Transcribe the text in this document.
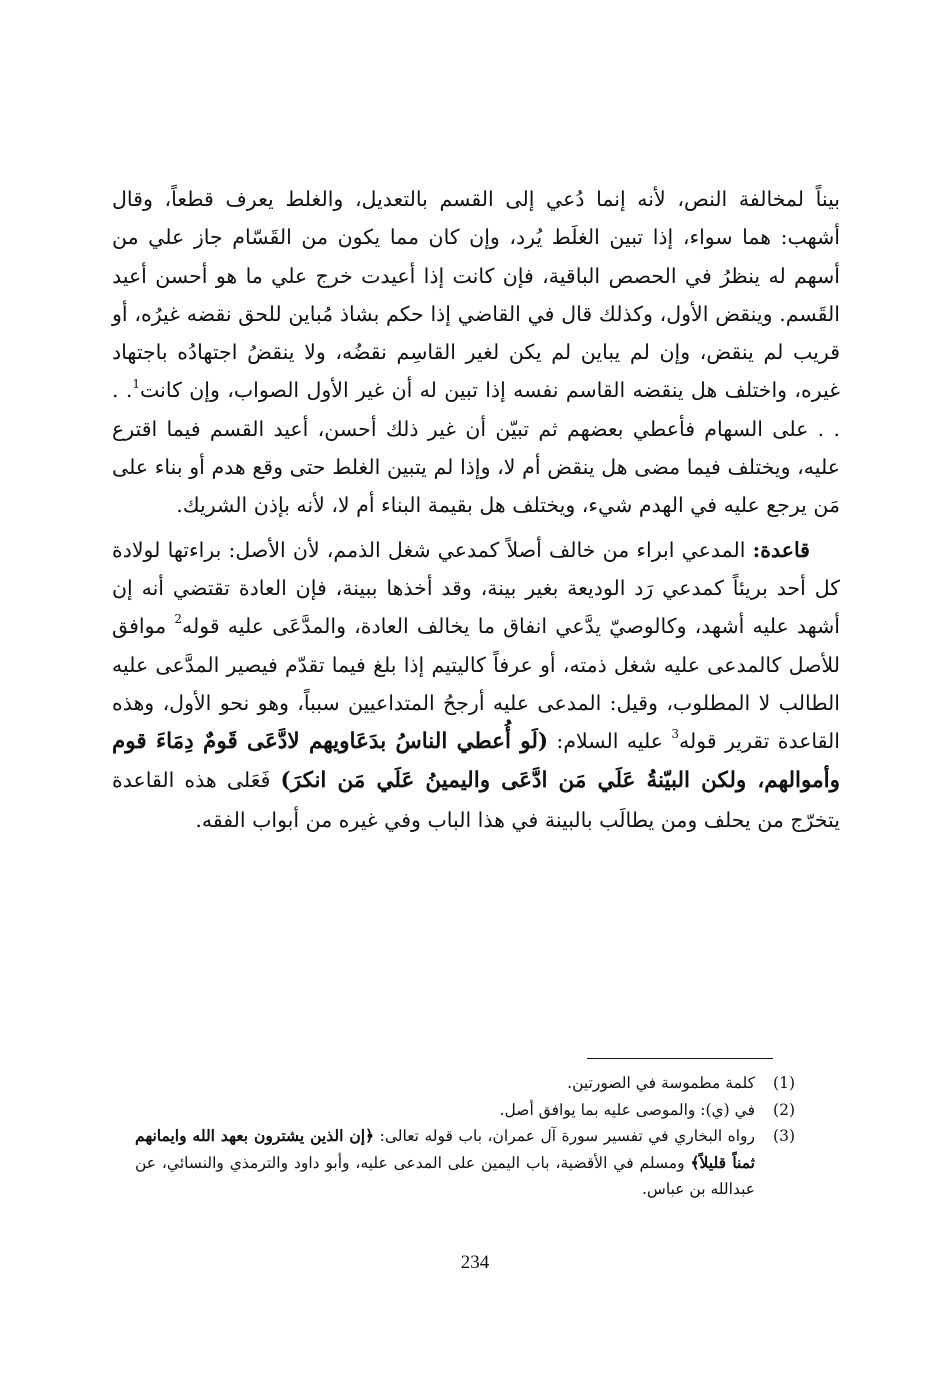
بيناً لمخالفة النص، لأنه إنما دُعي إلى القسم بالتعديل، والغلط يعرف قطعاً، وقال أشهب: هما سواء، إذا تبين الغلَط يُرد، وإن كان مما يكون من القَسّام جاز علي من أسهم له ينظرُ في الحصص الباقية، فإن كانت إذا أعيدت خرج علي ما هو أحسن أعيد القَسم. وينقض الأول، وكذلك قال في القاضي إذا حكم بشاذ مُباين للحق نقضه غيرُه، أو قريب لم ينقض، وإن لم يباين لم يكن لغير القاسِم نقضُه، ولا ينقضُ اجتهادُه باجتهاد غيره، واختلف هل ينقضه القاسم نفسه إذا تبين له أن غير الأول الصواب، وإن كانت$^1$. . . . على السهام فأعطي بعضهم ثم تبيّن أن غير ذلك أحسن، أعيد القسم فيما اقترع عليه، ويختلف فيما مضى هل ينقض أم لا، وإذا لم يتبين الغلط حتى وقع هدم أو بناء على مَن يرجع عليه في الهدم شيء، ويختلف هل بقيمة البناء أم لا، لأنه بإذن الشريك.

قاعدة: المدعي ابراء من خالف أصلاً كمدعي شغل الذمم، لأن الأصل: براءتها لولادة كل أحد بريئاً كمدعي رَد الوديعة بغير بينة، وقد أخذها ببينة، فإن العادة تقتضي أنه إن أشهد عليه أشهد، وكالوصيّ يدَّعي انفاق ما يخالف العادة، والمدَّعَى عليه قوله$^2$ موافق للأصل كالمدعى عليه شغل ذمته، أو عرفاً كاليتيم إذا بلغ فيما تقدّم فيصير المدَّعى عليه الطالب لا المطلوب، وقيل: المدعى عليه أرجحُ المتداعيين سبباً، وهو نحو الأول، وهذه القاعدة تقرير قوله$^3$ عليه السلام: (لَو أُعطي الناسُ بدَعَاويهم لادَّعَى قَومٌ دِمَاءَ قوم وأموالهم، ولكن البيّنةُ عَلَي مَن ادَّعَى واليمينُ عَلَي مَن انكرَ) فَعَلى هذه القاعدة يتخرّج من يحلف ومن يطالَب بالبينة في هذا الباب وفي غيره من أبواب الفقه.

(1)
كلمة مطموسة في الصورتين.
(2)
في (ي): والموصى عليه بما يوافق أصل.
(3)
رواه البخاري في تفسير سورة آل عمران، باب قوله تعالى: ﴿إن الذين يشترون بعهد الله وايمانهم ثمناً قليلاً﴾ ومسلم في الأقضية، باب اليمين على المدعى عليه، وأبو داود والترمذي والنسائي، عن عبدالله بن عباس.
234
